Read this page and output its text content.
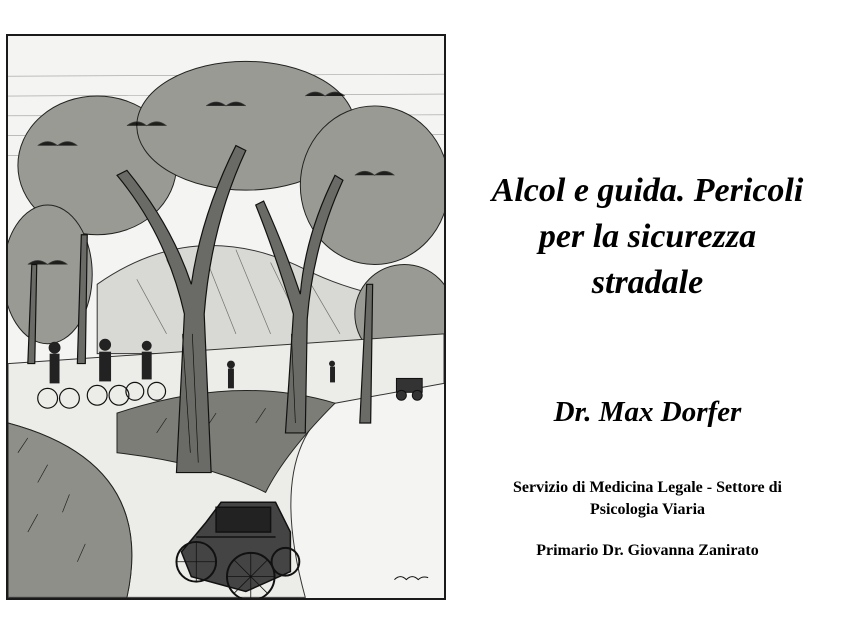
Alcol e guida. Pericoli
per la sicurezza
stradale
Dr. Max Dorfer
Servizio di Medicina Legale - Settore di
Psicologia Viaria
Primario Dr. Giovanna Zanirato
